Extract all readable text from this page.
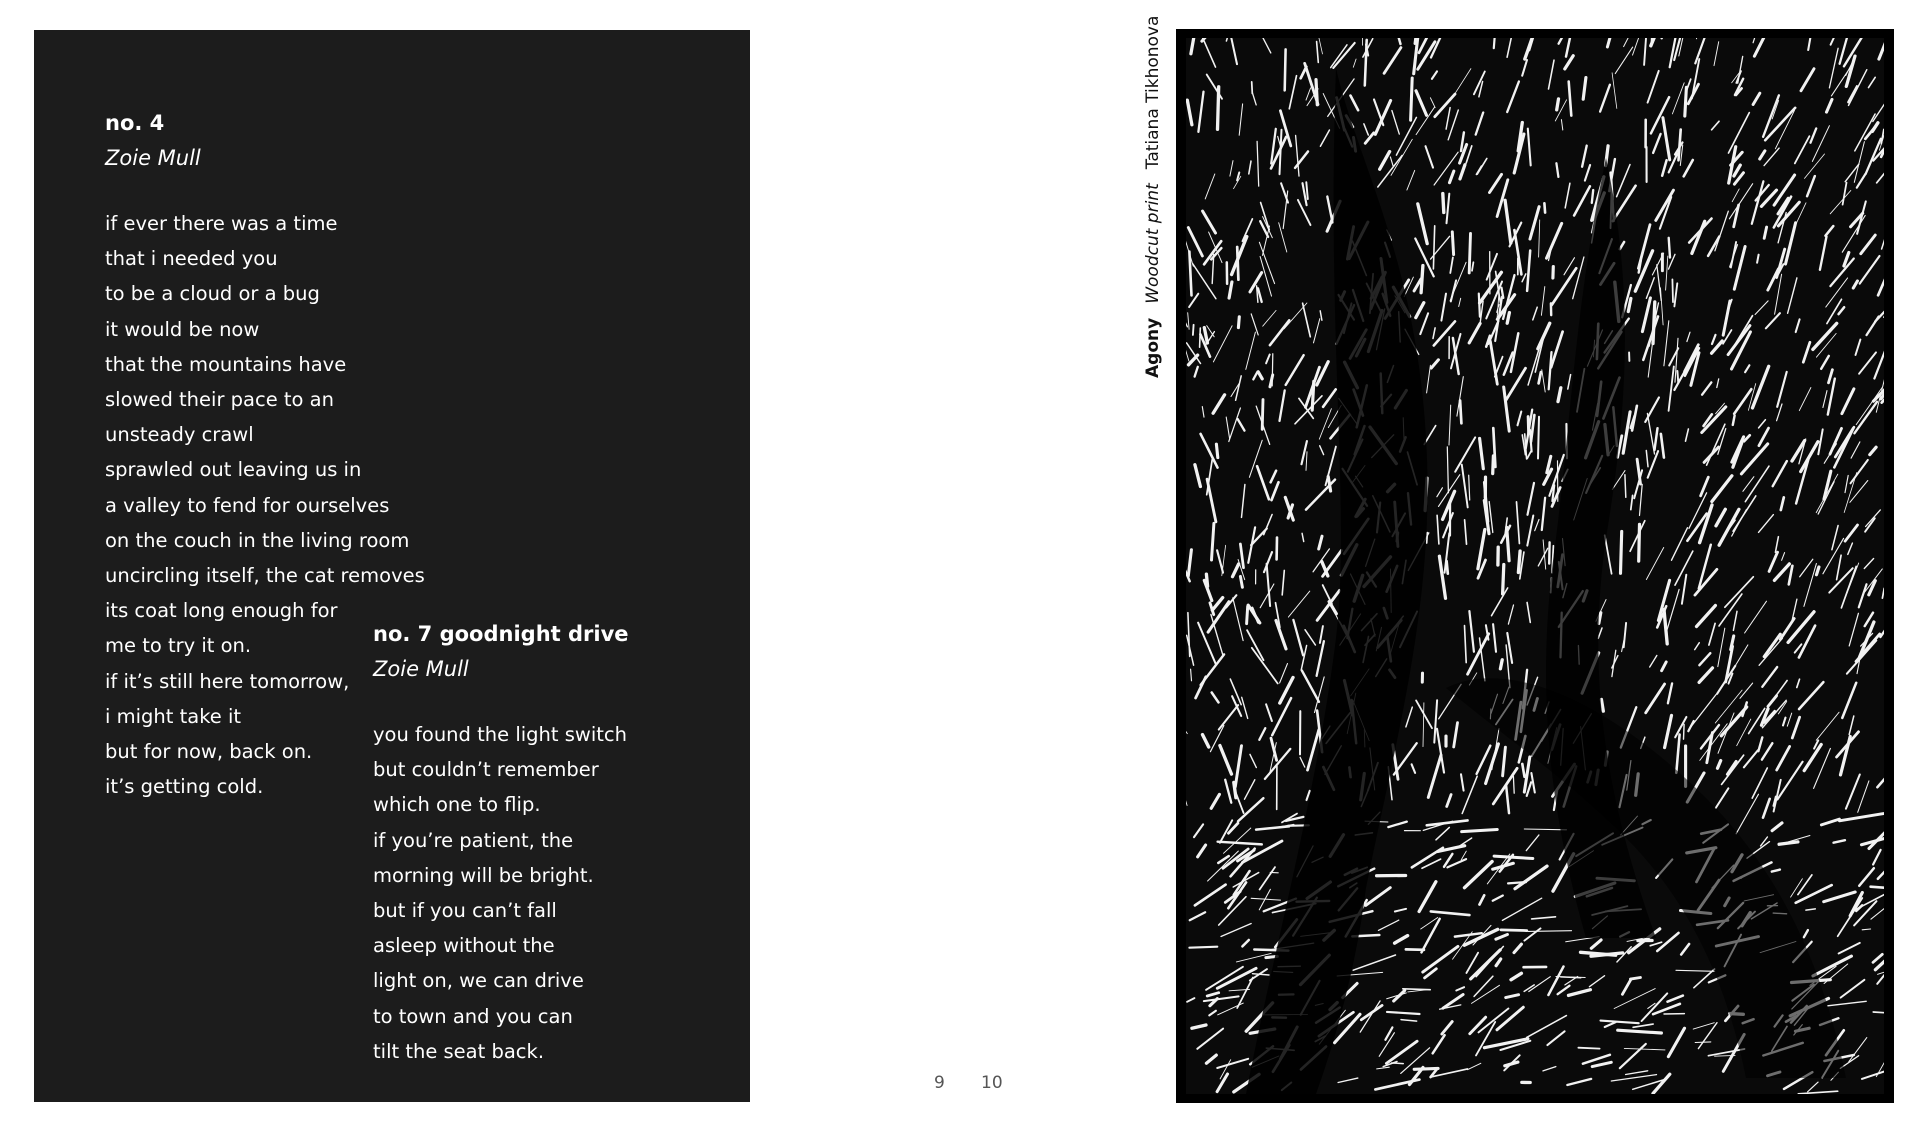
no. 4
Zoie Mull
if ever there was a time
that i needed you
to be a cloud or a bug
it would be now
that the mountains have
slowed their pace to an
unsteady crawl
sprawled out leaving us in
a valley to fend for ourselves
on the couch in the living room
uncircling itself, the cat removes
its coat long enough for
me to try it on.
if it’s still here tomorrow,
i might take it
but for now, back on.
it’s getting cold.
no. 7 goodnight drive
Zoie Mull
you found the light switch
but couldn’t remember
which one to flip.
if you’re patient, the
morning will be bright.
but if you can’t fall
asleep without the
light on, we can drive
to town and you can
tilt the seat back.
9 10
AgonyWoodcut printTatiana Tikhonova
